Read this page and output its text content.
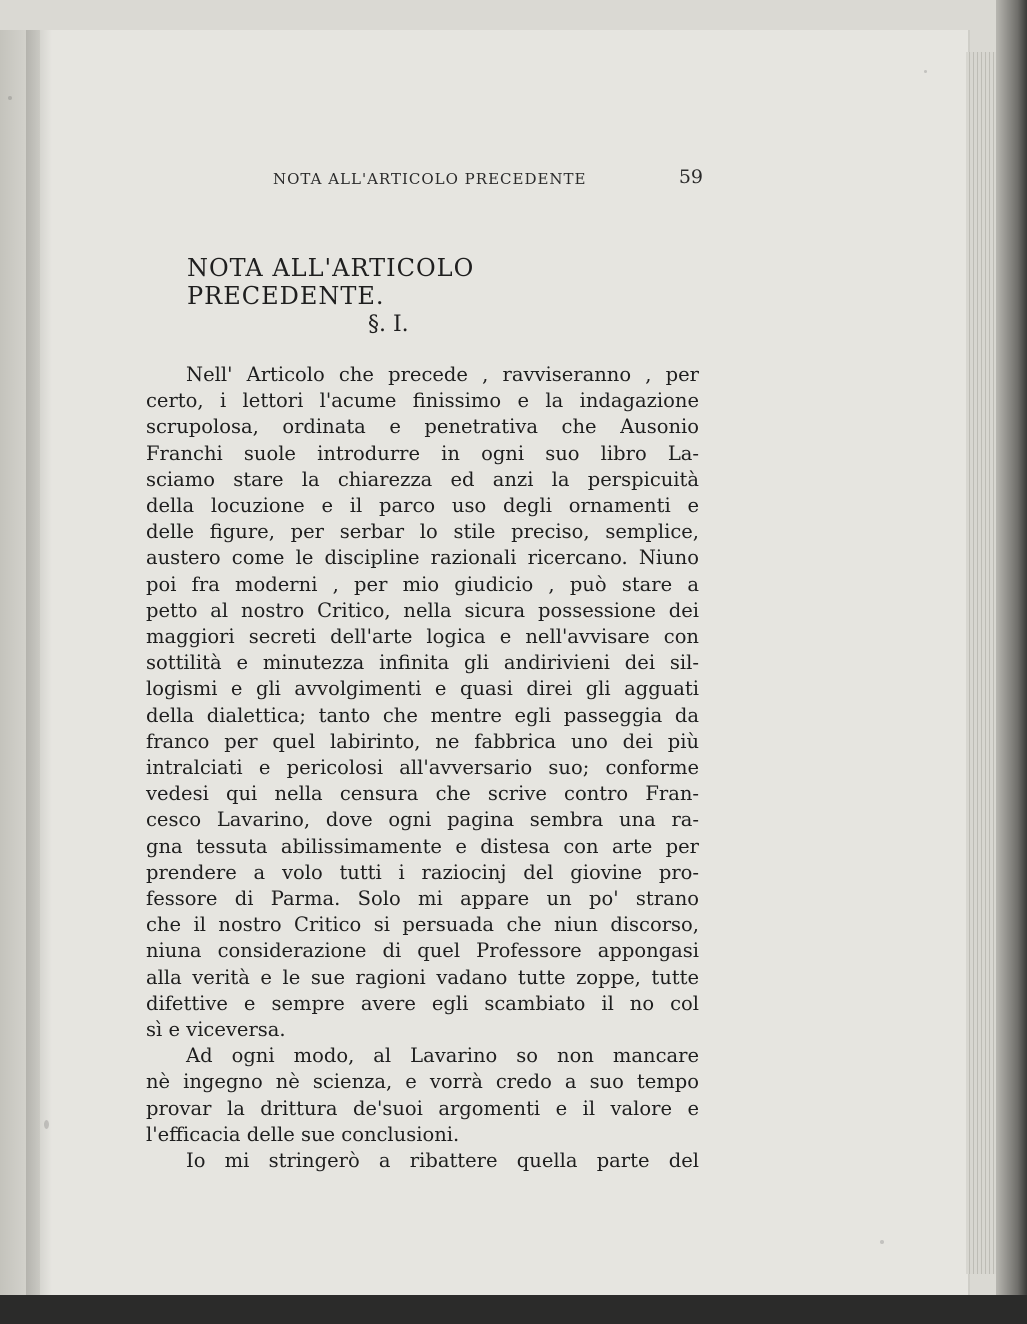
NOTA ALL'ARTICOLO PRECEDENTE	59
NOTA ALL'ARTICOLO PRECEDENTE.
§. I.
Nell' Articolo che precede , ravviseranno , per
certo, i lettori l'acume finissimo e la indagazione
scrupolosa, ordinata e penetrativa che Ausonio
Franchi suole introdurre in ogni suo libro La-
sciamo stare la chiarezza ed anzi la perspicuità
della locuzione e il parco uso degli ornamenti e
delle figure, per serbar lo stile preciso, semplice,
austero come le discipline razionali ricercano. Niuno
poi fra moderni , per mio giudicio , può stare a
petto al nostro Critico, nella sicura possessione dei
maggiori secreti dell'arte logica e nell'avvisare con
sottilità e minutezza infinita gli andirivieni dei sil-
logismi e gli avvolgimenti e quasi direi gli agguati
della dialettica; tanto che mentre egli passeggia da
franco per quel labirinto, ne fabbrica uno dei più
intralciati e pericolosi all'avversario suo; conforme
vedesi qui nella censura che scrive contro Fran-
cesco Lavarino, dove ogni pagina sembra una ra-
gna tessuta abilissimamente e distesa con arte per
prendere a volo tutti i raziocinj del giovine pro-
fessore di Parma. Solo mi appare un po' strano
che il nostro Critico si persuada che niun discorso,
niuna considerazione di quel Professore appongasi
alla verità e le sue ragioni vadano tutte zoppe, tutte
difettive e sempre avere egli scambiato il no col
sì e viceversa.
Ad ogni modo, al Lavarino so non mancare
nè ingegno nè scienza, e vorrà credo a suo tempo
provar la drittura de'suoi argomenti e il valore e
l'efficacia delle sue conclusioni.
Io mi stringerò a ribattere quella parte del
